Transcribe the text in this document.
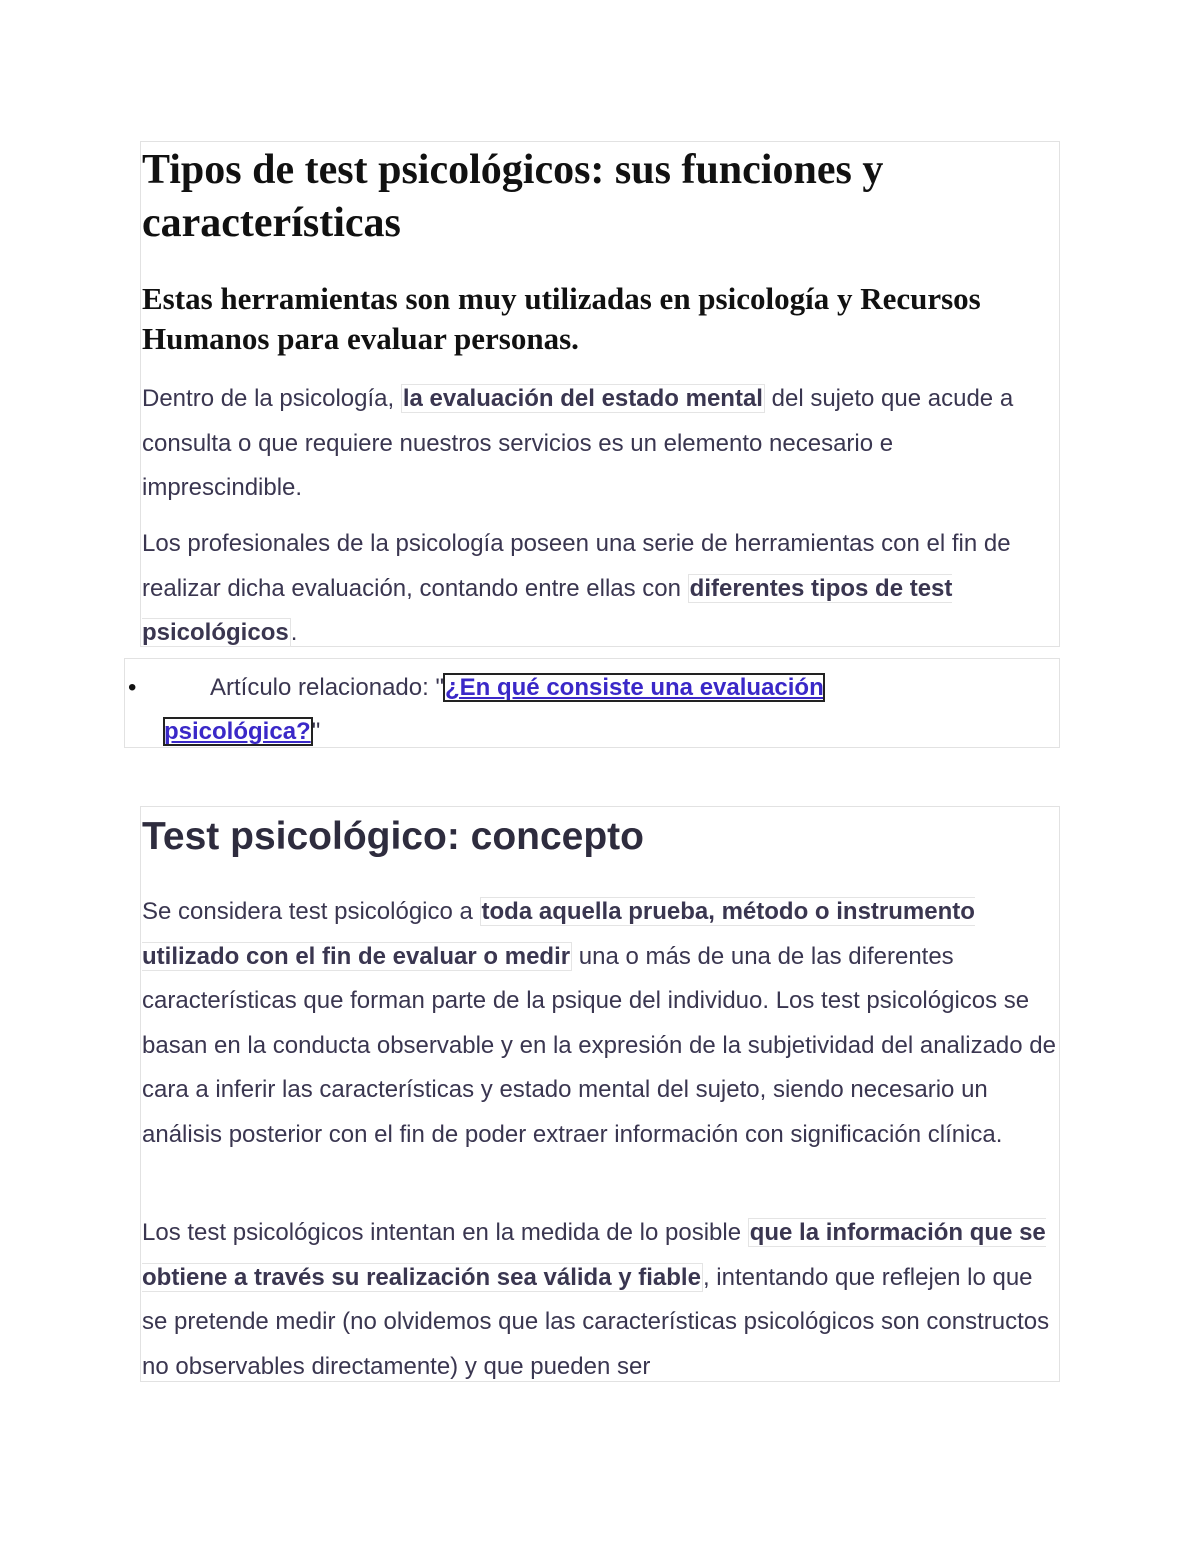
Tipos de test psicológicos: sus funciones y características
Estas herramientas son muy utilizadas en psicología y Recursos Humanos para evaluar personas.

Dentro de la psicología, la evaluación del estado mental del sujeto que acude a consulta o que requiere nuestros servicios es un elemento necesario e imprescindible.

Los profesionales de la psicología poseen una serie de herramientas con el fin de realizar dicha evaluación, contando entre ellas con diferentes tipos de test psicológicos.

•	Artículo relacionado: "¿En qué consiste una evaluación psicológica?"

Test psicológico: concepto

Se considera test psicológico a toda aquella prueba, método o instrumento utilizado con el fin de evaluar o medir una o más de una de las diferentes características que forman parte de la psique del individuo. Los test psicológicos se basan en la conducta observable y en la expresión de la subjetividad del analizado de cara a inferir las características y estado mental del sujeto, siendo necesario un análisis posterior con el fin de poder extraer información con significación clínica.

Los test psicológicos intentan en la medida de lo posible que la información que se obtiene a través su realización sea válida y fiable, intentando que reflejen lo que se pretende medir (no olvidemos que las características psicológicos son constructos no observables directamente) y que pueden ser
